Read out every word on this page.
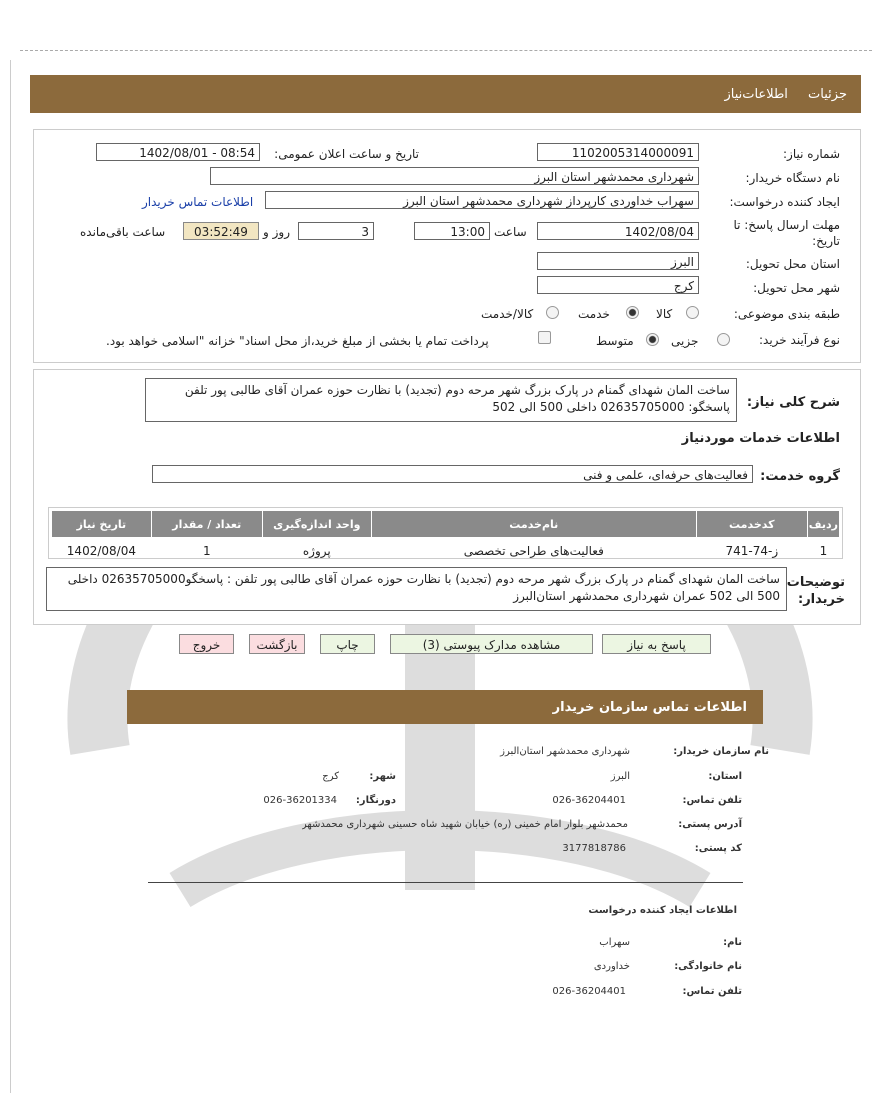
جزئیات اطلاعات‌نیاز
شماره نیاز:
1102005314000091
تاریخ و ساعت اعلان عمومی:
1402/08/01 - 08:54
نام دستگاه خریدار:
شهرداری محمدشهر استان البرز
ایجاد کننده درخواست:
سهراب خداوردی کارپرداز شهرداری محمدشهر استان البرز
اطلاعات تماس خریدار
مهلت ارسال پاسخ: تا
تاریخ:
1402/08/04
ساعت
13:00
3
روز و
03:52:49
ساعت باقی‌مانده
استان محل تحویل:
البرز
شهر محل تحویل:
کرج
طبقه بندی موضوعی:
کالا
خدمت
کالا/خدمت
نوع فرآیند خرید:
جزیی
متوسط
پرداخت تمام یا بخشی از مبلغ خرید،از محل اسناد" خزانه "اسلامی خواهد بود.
شرح کلی نیاز:
ساخت المان شهدای گمنام در پارک بزرگ شهر مرحه دوم (تجدید) با نظارت حوزه عمران آقای طالبی پور تلفن پاسخگو: 02635705000 داخلی 500 الی 502
اطلاعات خدمات موردنیاز
گروه خدمت:
فعالیت‌های حرفه‌ای، علمی و فنی
ردیف	کدخدمت	نام‌خدمت	واحد اندازه‌گیری	تعداد / مقدار	تاریخ نیاز
1	ز-74-741	فعالیت‌های طراحی تخصصی	پروژه	1	1402/08/04
توضیحات
خریدار:
ساخت المان شهدای گمنام در پارک بزرگ شهر مرحه دوم (تجدید) با نظارت حوزه عمران آقای طالبی پور تلفن : پاسخگو02635705000 داخلی 500 الی 502 عمران شهرداری محمدشهر استان‌البرز
پاسخ به نیاز
مشاهده مدارک پیوستی (3)
چاپ
بازگشت
خروج
اطلاعات تماس سازمان خریدار
نام سازمان خریدار:
شهرداری محمدشهر استان‌البرز
استان:
البرز
شهر:
کرج
تلفن تماس:
026-36204401
دورنگار:
026-36201334
آدرس پستی:
محمدشهر بلوار امام خمینی (ره) خیابان شهید شاه حسینی شهرداری محمدشهر
کد پستی:
3177818786
اطلاعات ایجاد کننده درخواست
نام:
سهراب
نام خانوادگی:
خداوردی
تلفن تماس:
026-36204401
